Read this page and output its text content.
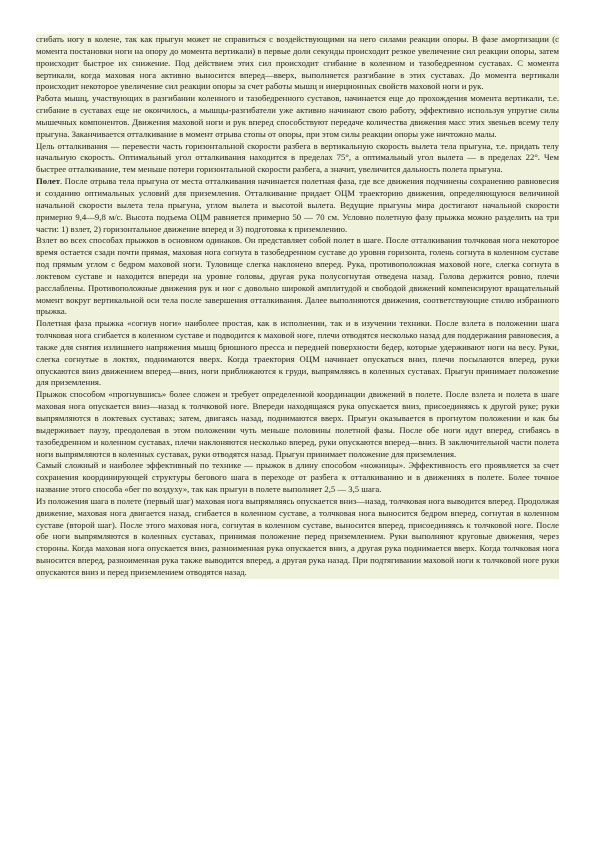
сгибать ногу в колене, так как прыгун может не справиться с воздействующими на него силами реакции опоры. В фазе амортизации (с момента постановки ноги на опору до момента вертикали) в первые доли секунды происходит резкое увеличение сил реакции опоры, затем происходит быстрое их снижение. Под действием этих сил происходит сгибание в коленном и тазобедренном суставах. С момента вертикали, когда маховая нога активно выносится вперед—вверх, выполняется разгибание в этих суставах. До момента вертикали происходит некоторое увеличение сил реакции опоры за счет работы мышц и инерционных свойств маховой ноги и рук.

Работа мышц, участвующих в разгибании коленного и тазобедренного суставов, начинается еще до прохождения момента вертикали, т.е. сгибание в суставах еще не окончилось, а мышцы-разгибатели уже активно начинают свою работу, эффективно используя упругие силы мышечных компонентов. Движения маховой ноги и рук вперед способствуют передаче количества движения масс этих звеньев всему телу прыгуна. Заканчивается отталкивание в момент отрыва стопы от опоры, при этом силы реакции опоры уже ничтожно малы.

Цель отталкивания — перевести часть горизонтальной скорости разбега в вертикальную скорость вылета тела прыгуна, т.е. придать телу начальную скорость. Оптимальный угол отталкивания находится в пределах 75°, а оптимальный угол вылета — в пределах 22°. Чем быстрее отталкивание, тем меньше потери горизонтальной скорости разбега, а значит, увеличится дальность полета прыгуна.

Полет. После отрыва тела прыгуна от места отталкивания начинается полетная фаза, где все движения подчинены сохранению равновесия и созданию оптимальных условий для приземления. Отталкивание придает ОЦМ траекторию движения, определяющуюся величиной начальной скорости вылета тела прыгуна, углом вылета и высотой вылета. Ведущие прыгуны мира достигают начальной скорости примерно 9,4—9,8 м/с. Высота подъема ОЦМ равняется примерно 50 — 70 см. Условно полетную фазу прыжка можно разделить на три части: 1) взлет, 2) горизонтальное движение вперед и 3) подготовка к приземлению.

Взлет во всех способах прыжков в основном одинаков. Он представляет собой полет в шаге. После отталкивания толчковая нога некоторое время остается сзади почти прямая, маховая нога согнута в тазобедренном суставе до уровня горизонта, голень согнута в коленном суставе под прямым углом с бедром маховой ноги. Туловище слегка наклонено вперед. Рука, противоположная маховой ноге, слегка согнута в локтевом суставе и находится впереди на уровне головы, другая рука полусогнутая отведена назад. Голова держится ровно, плечи расслаблены. Противоположные движения рук и ног с довольно широкой амплитудой и свободой движений компенсируют вращательный момент вокруг вертикальной оси тела после завершения отталкивания. Далее выполняются движения, соответствующие стилю избранного прыжка.

Полетная фаза прыжка «согнув ноги» наиболее простая, как в исполнении, так и в изучении техники. После взлета в положении шага толчковая нога сгибается в коленном суставе и подводится к маховой ноге, плечи отводятся несколько назад для поддержания равновесия, а также для снятия излишнего напряжения мышц брюшного пресса и передней поверхности бедер, которые удерживают ноги на весу. Руки, слегка согнутые в локтях, поднимаются вверх. Когда траектория ОЦМ начинает опускаться вниз, плечи посылаются вперед, руки опускаются вниз движением вперед—вниз, ноги приближаются к груди, выпрямляясь в коленных суставах. Прыгун принимает положение для приземления.

Прыжок способом «прогнувшись» более сложен и требует определенной координации движений в полете. После взлета и полета в шаге маховая нога опускается вниз—назад к толчковой ноге. Впереди находящаяся рука опускается вниз, присоединяясь к другой руке; руки выпрямляются в локтевых суставах; затем, двигаясь назад, поднимаются вверх. Прыгун оказывается в прогнутом положении и как бы выдерживает паузу, преодолевая в этом положении чуть меньше половины полетной фазы. После обе ноги идут вперед, сгибаясь в тазобедренном и коленном суставах, плечи наклоняются несколько вперед, руки опускаются вперед—вниз. В заключительной части полета ноги выпрямляются в коленных суставах, руки отводятся назад. Прыгун принимает положение для приземления.

Самый сложный и наиболее эффективный по технике — прыжок в длину способом «ножницы». Эффективность его проявляется за счет сохранения координирующей структуры бегового шага в переходе от разбега к отталкиванию и в движениях в полете. Более точное название этого способа «бег по воздуху», так как прыгун в полете выполняет 2,5 — 3,5 шага.

Из положения шага в полете (первый шаг) маховая нога выпрямляясь опускается вниз—назад, толчковая нога выводится вперед. Продолжая движение, маховая нога двигается назад, сгибается в коленном суставе, а толчковая нога выносится бедром вперед, согнутая в коленном суставе (второй шаг). После этого маховая нога, согнутая в коленном суставе, выносится вперед, присоединяясь к толчковой ноге. После обе ноги выпрямляются в коленных суставах, принимая положение перед приземлением. Руки выполняют круговые движения, через стороны. Когда маховая нога опускается вниз, разноименная рука опускается вниз, а другая рука поднимается вверх. Когда толчковая нога выносится вперед, разноименная рука также выводится вперед, а другая рука назад. При подтягивании маховой ноги к толчковой ноге руки опускаются вниз и перед приземлением отводятся назад.
